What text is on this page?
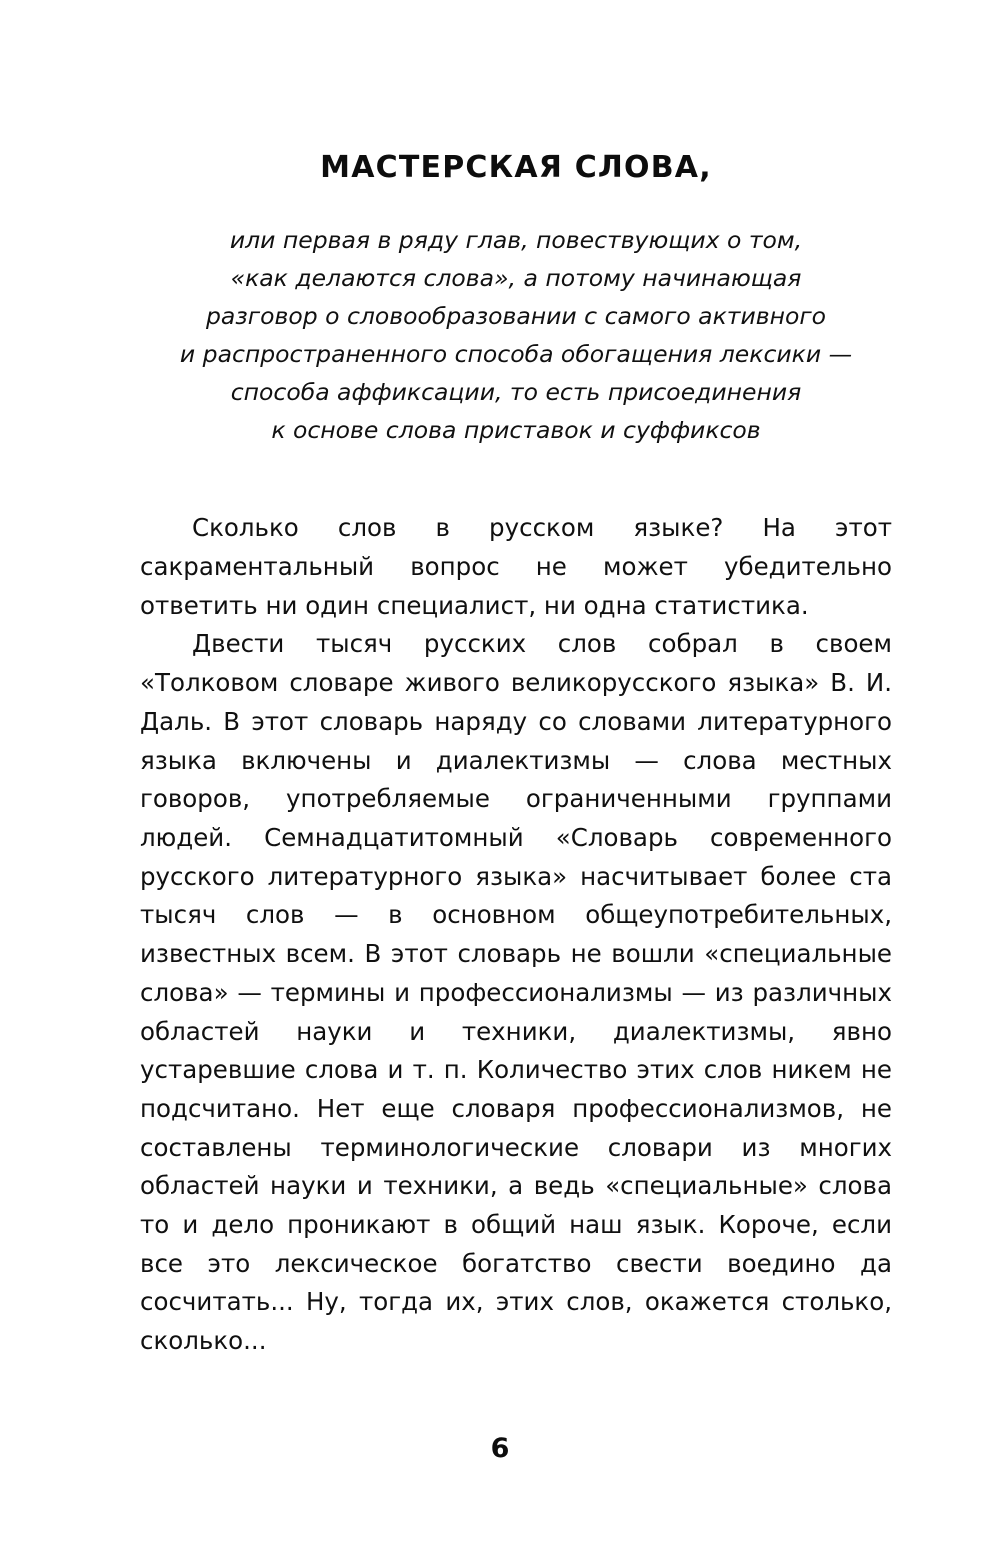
МАСТЕРСКАЯ СЛОВА,
или первая в ряду глав, повествующих о том,
«как делаются слова», а потому начинающая
разговор о словообразовании с самого активного
и распространенного способа обогащения лексики —
способа аффиксации, то есть присоединения
к основе слова приставок и суффиксов

Сколько слов в русском языке? На этот сакраментальный вопрос не может убедительно ответить ни один специалист, ни одна статистика.

Двести тысяч русских слов собрал в своем «Толковом словаре живого великорусского языка» В. И. Даль. В этот словарь наряду со словами литературного языка включены и диалектизмы — слова местных говоров, употребляемые ограниченными группами людей. Семнадцатитомный «Словарь современного русского литературного языка» насчитывает более ста тысяч слов — в основном общеупотребительных, известных всем. В этот словарь не вошли «специальные слова» — термины и профессионализмы — из различных областей науки и техники, диалектизмы, явно устаревшие слова и т. п. Количество этих слов никем не подсчитано. Нет еще словаря профессионализмов, не составлены терминологические словари из многих областей науки и техники, а ведь «специальные» слова то и дело проникают в общий наш язык. Короче, если все это лексическое богатство свести воедино да сосчитать... Ну, тогда их, этих слов, окажется столько, сколько...

6
